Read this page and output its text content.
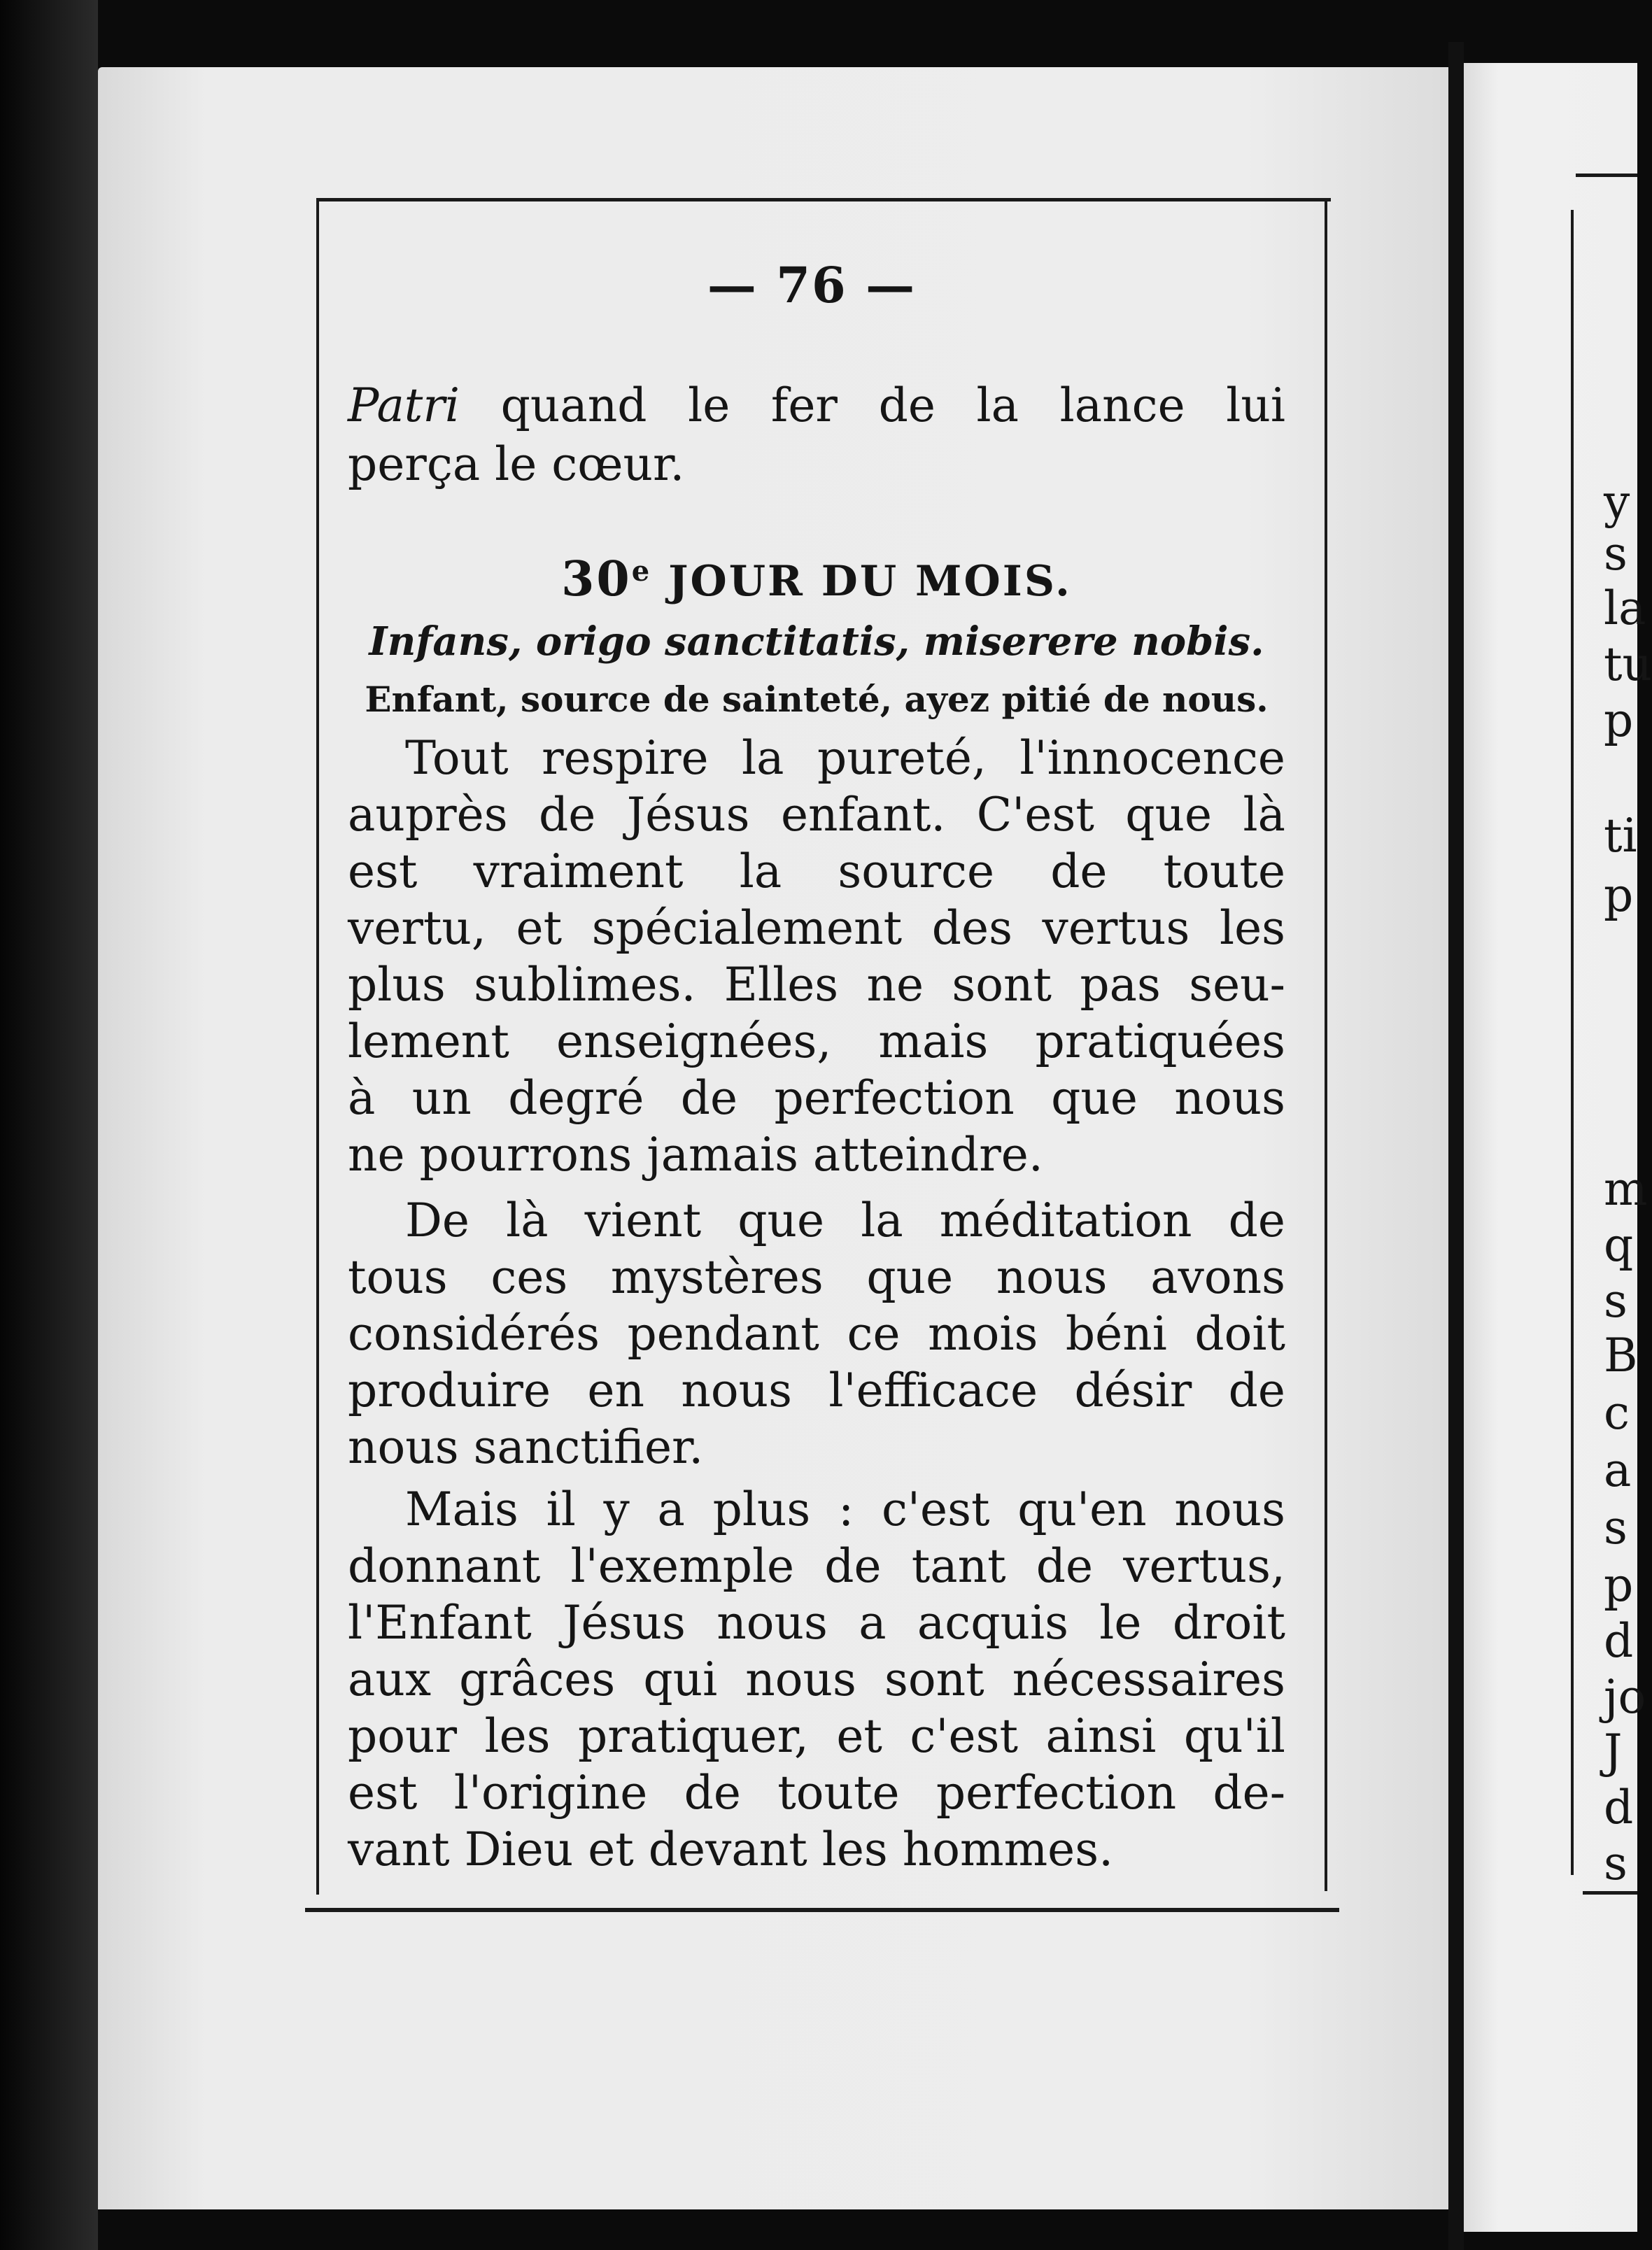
— 76 —
Patri quand le fer de la lance lui
perça le cœur.
30e JOUR DU MOIS.
Infans, origo sanctitatis, miserere nobis.
Enfant, source de sainteté, ayez pitié de nous.
Tout respire la pureté, l'innocence
auprès de Jésus enfant. C'est que là
est vraiment la source de toute
vertu, et spécialement des vertus les
plus sublimes. Elles ne sont pas seu-
lement enseignées, mais pratiquées
à un degré de perfection que nous
ne pourrons jamais atteindre.
De là vient que la méditation de
tous ces mystères que nous avons
considérés pendant ce mois béni doit
produire en nous l'efficace désir de
nous sanctifier.
Mais il y a plus : c'est qu'en nous
donnant l'exemple de tant de vertus,
l'Enfant Jésus nous a acquis le droit
aux grâces qui nous sont nécessaires
pour les pratiquer, et c'est ainsi qu'il
est l'origine de toute perfection de-
vant Dieu et devant les hommes.
y
s
la
tu
p
ti
p
m
q
s
B
c
a
s
p
d
jo
J
d
s
